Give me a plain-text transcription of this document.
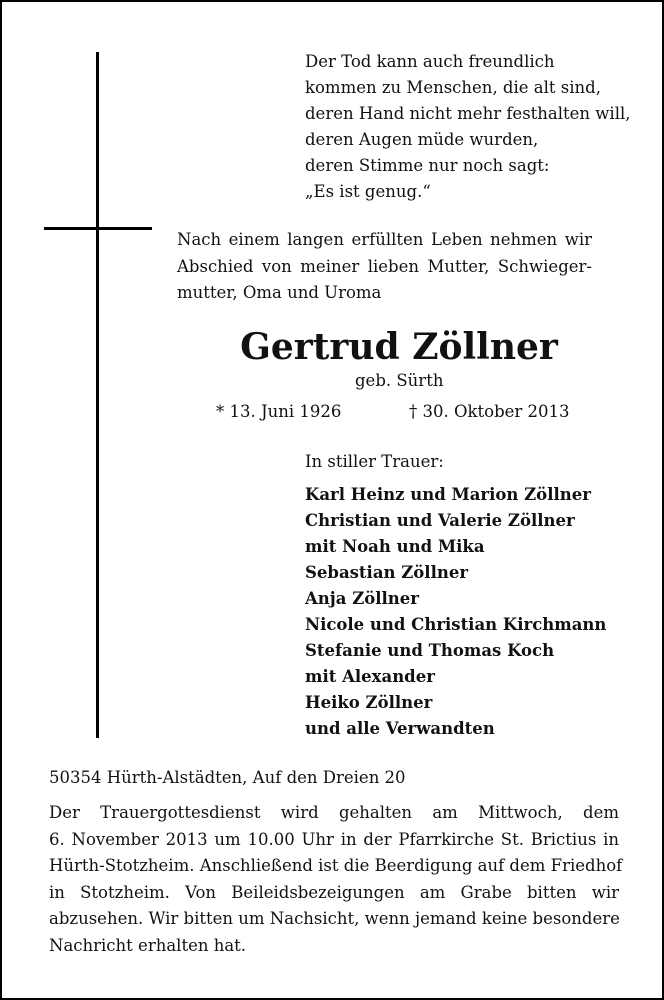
Der Tod kann auch freundlich
kommen zu Menschen, die alt sind,
deren Hand nicht mehr festhalten will,
deren Augen müde wurden,
deren Stimme nur noch sagt:
„Es ist genug.“
Nach einem langen erfüllten Leben nehmen wir
Abschied von meiner lieben Mutter, Schwieger-
mutter, Oma und Uroma
Gertrud Zöllner
geb. Sürth
* 13. Juni 1926	† 30. Oktober 2013
In stiller Trauer:
Karl Heinz und Marion Zöllner
Christian und Valerie Zöllner
mit Noah und Mika
Sebastian Zöllner
Anja Zöllner
Nicole und Christian Kirchmann
Stefanie und Thomas Koch
mit Alexander
Heiko Zöllner
und alle Verwandten
50354 Hürth-Alstädten, Auf den Dreien 20
Der Trauergottesdienst wird gehalten am Mittwoch, dem
6. November 2013 um 10.00 Uhr in der Pfarrkirche St. Brictius in
Hürth-Stotzheim. Anschließend ist die Beerdigung auf dem Friedhof
in Stotzheim. Von Beileidsbezeigungen am Grabe bitten wir
abzusehen. Wir bitten um Nachsicht, wenn jemand keine besondere
Nachricht erhalten hat.
